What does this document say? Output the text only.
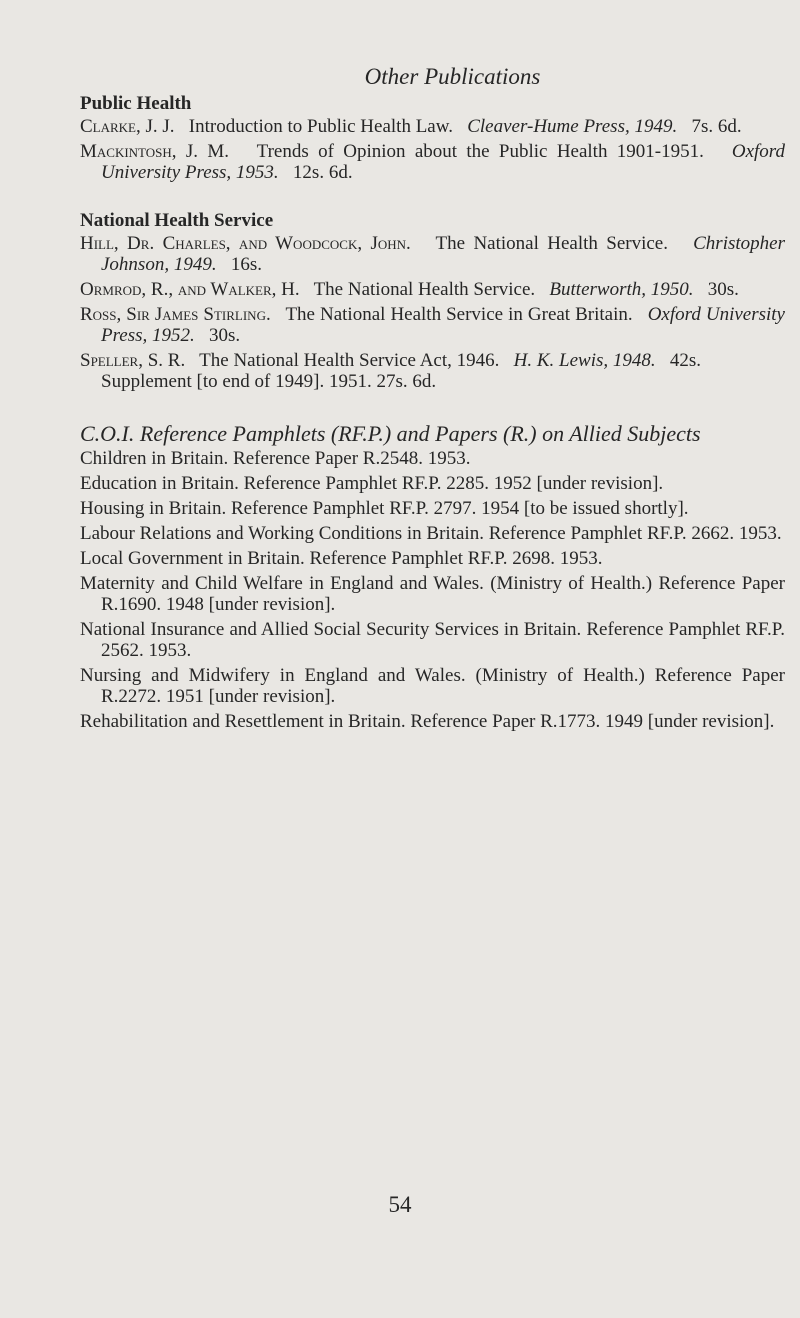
Other Publications
Public Health

Clarke, J. J. Introduction to Public Health Law. Cleaver-Hume Press, 1949. 7s. 6d.

Mackintosh, J. M. Trends of Opinion about the Public Health 1901-1951. Oxford University Press, 1953. 12s. 6d.

National Health Service

Hill, Dr. Charles, and Woodcock, John. The National Health Service. Christopher Johnson, 1949. 16s.

Ormrod, R., and Walker, H. The National Health Service. Butterworth, 1950. 30s.

Ross, Sir James Stirling. The National Health Service in Great Britain. Oxford University Press, 1952. 30s.

Speller, S. R. The National Health Service Act, 1946. H. K. Lewis, 1948. 42s.
Supplement [to end of 1949]. 1951. 27s. 6d.

C.O.I. Reference Pamphlets (RF.P.) and Papers (R.) on Allied Subjects

Children in Britain. Reference Paper R.2548. 1953.

Education in Britain. Reference Pamphlet RF.P. 2285. 1952 [under revision].

Housing in Britain. Reference Pamphlet RF.P. 2797. 1954 [to be issued shortly].

Labour Relations and Working Conditions in Britain. Reference Pamphlet RF.P. 2662. 1953.

Local Government in Britain. Reference Pamphlet RF.P. 2698. 1953.

Maternity and Child Welfare in England and Wales. (Ministry of Health.) Reference Paper R.1690. 1948 [under revision].

National Insurance and Allied Social Security Services in Britain. Reference Pamphlet RF.P. 2562. 1953.

Nursing and Midwifery in England and Wales. (Ministry of Health.) Reference Paper R.2272. 1951 [under revision].

Rehabilitation and Resettlement in Britain. Reference Paper R.1773. 1949 [under revision].

54
